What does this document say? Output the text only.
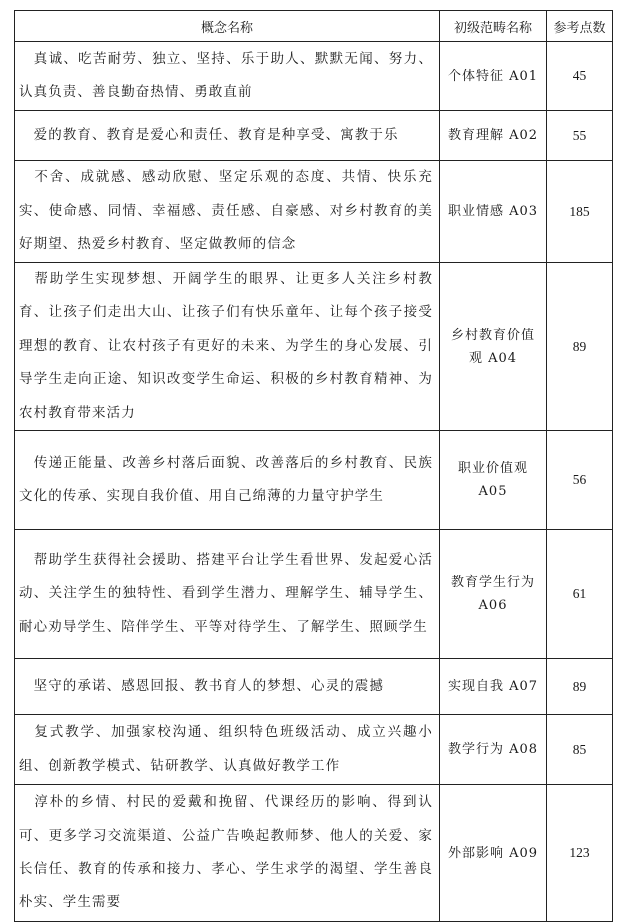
概念名称	初级范畴名称	参考点数
　真诚、吃苦耐劳、独立、坚持、乐于助人、默默无闻、努力、认真负责、善良勤奋热情、勇敢直前	个体特征 A01	45
　爱的教育、教育是爱心和责任、教育是种享受、寓教于乐	教育理解 A02	55
　不舍、成就感、感动欣慰、坚定乐观的态度、共情、快乐充实、使命感、同情、幸福感、责任感、自豪感、对乡村教育的美好期望、热爱乡村教育、坚定做教师的信念	职业情感 A03	185
　帮助学生实现梦想、开阔学生的眼界、让更多人关注乡村教育、让孩子们走出大山、让孩子们有快乐童年、让每个孩子接受理想的教育、让农村孩子有更好的未来、为学生的身心发展、引导学生走向正途、知识改变学生命运、积极的乡村教育精神、为农村教育带来活力	乡村教育价值观 A04	89
　传递正能量、改善乡村落后面貌、改善落后的乡村教育、民族文化的传承、实现自我价值、用自己绵薄的力量守护学生	职业价值观 A05	56
　帮助学生获得社会援助、搭建平台让学生看世界、发起爱心活动、关注学生的独特性、看到学生潜力、理解学生、辅导学生、耐心劝导学生、陪伴学生、平等对待学生、了解学生、照顾学生	教育学生行为 A06	61
　坚守的承诺、感恩回报、教书育人的梦想、心灵的震撼	实现自我 A07	89
　复式教学、加强家校沟通、组织特色班级活动、成立兴趣小组、创新教学模式、钻研教学、认真做好教学工作	教学行为 A08	85
　淳朴的乡情、村民的爱戴和挽留、代课经历的影响、得到认可、更多学习交流渠道、公益广告唤起教师梦、他人的关爱、家长信任、教育的传承和接力、孝心、学生求学的渴望、学生善良朴实、学生需要	外部影响 A09	123
